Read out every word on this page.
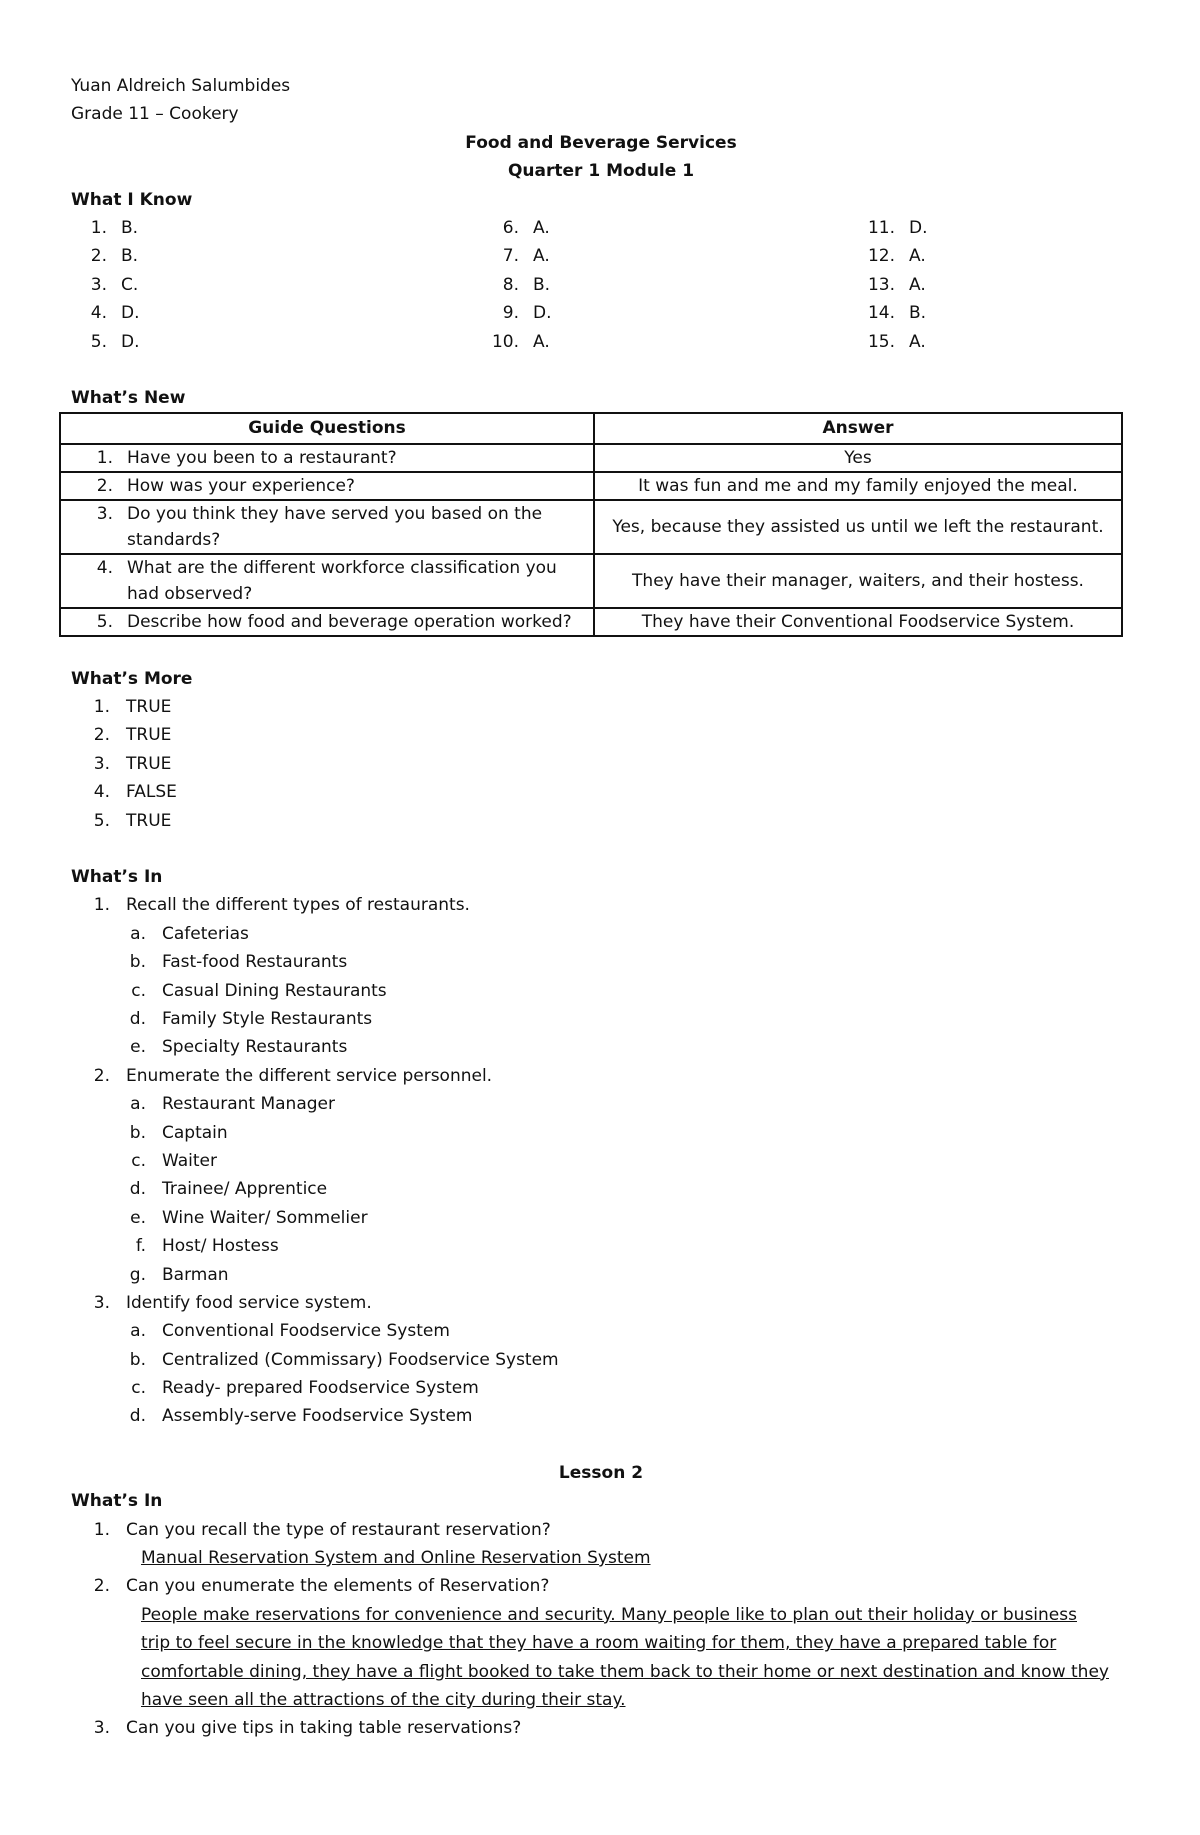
Yuan Aldreich Salumbides
Grade 11 – Cookery
Food and Beverage Services
Quarter 1 Module 1
What I Know
1. B.
2. B.
3. C.
4. D.
5. D.
6. A.
7. A.
8. B.
9. D.
10. A.
11. D.
12. A.
13. A.
14. B.
15. A.
What’s New
Guide Questions	Answer

1. Have you been to a restaurant?	Yes

2. How was your experience?	It was fun and me and my family enjoyed the meal.

3. Do you think they have served you based on the standards?	Yes, because they assisted us until we left the restaurant.

4. What are the different workforce classification you had observed?	They have their manager, waiters, and their hostess.

5. Describe how food and beverage operation worked?	They have their Conventional Foodservice System.
What’s More
1. TRUE
2. TRUE
3. TRUE
4. FALSE
5. TRUE
What’s In
1. Recall the different types of restaurants.
a. Cafeterias
b. Fast-food Restaurants
c. Casual Dining Restaurants
d. Family Style Restaurants
e. Specialty Restaurants
2. Enumerate the different service personnel.
a. Restaurant Manager
b. Captain
c. Waiter
d. Trainee/ Apprentice
e. Wine Waiter/ Sommelier
f. Host/ Hostess
g. Barman
3. Identify food service system.
a. Conventional Foodservice System
b. Centralized (Commissary) Foodservice System
c. Ready- prepared Foodservice System
d. Assembly-serve Foodservice System
Lesson 2
What’s In
1. Can you recall the type of restaurant reservation?
Manual Reservation System and Online Reservation System
2. Can you enumerate the elements of Reservation?
People make reservations for convenience and security. Many people like to plan out their holiday or business trip to feel secure in the knowledge that they have a room waiting for them, they have a prepared table for comfortable dining, they have a flight booked to take them back to their home or next destination and know they have seen all the attractions of the city during their stay.
3. Can you give tips in taking table reservations?
